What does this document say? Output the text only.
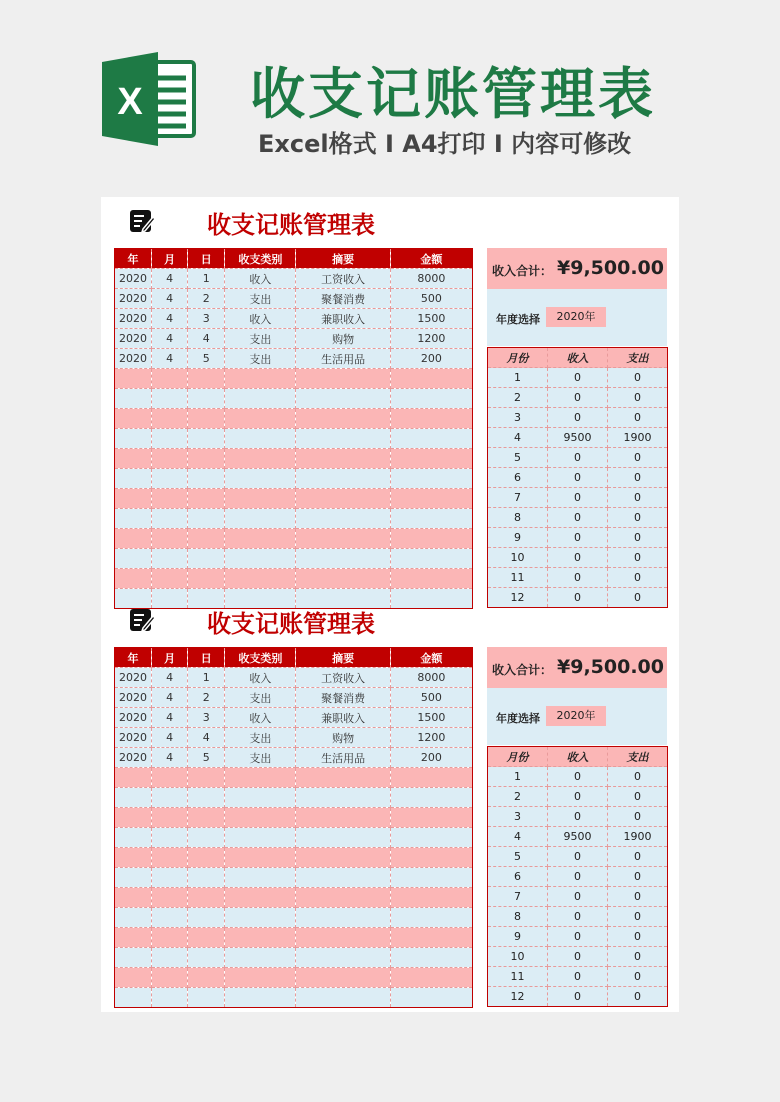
X 收支记账管理表
Excel格式 I A4打印 I 内容可修改
收支记账管理表
年	月	日	收支类别	摘要	金额
2020	4	1	收入	工资收入	8000
2020	4	2	支出	聚餐消费	500
2020	4	3	收入	兼职收入	1500
2020	4	4	支出	购物	1200
2020	4	5	支出	生活用品	200

收入合计： ¥9,500.00
年度选择	2020年
月份	收入	支出
1	0	0
2	0	0
3	0	0
4	9500	1900
5	0	0
6	0	0
7	0	0
8	0	0
9	0	0
10	0	0
11	0	0
12	0	0
收支记账管理表
年	月	日	收支类别	摘要	金额
2020	4	1	收入	工资收入	8000
2020	4	2	支出	聚餐消费	500
2020	4	3	收入	兼职收入	1500
2020	4	4	支出	购物	1200
2020	4	5	支出	生活用品	200

收入合计： ¥9,500.00
年度选择	2020年
月份	收入	支出
1	0	0
2	0	0
3	0	0
4	9500	1900
5	0	0
6	0	0
7	0	0
8	0	0
9	0	0
10	0	0
11	0	0
12	0	0
